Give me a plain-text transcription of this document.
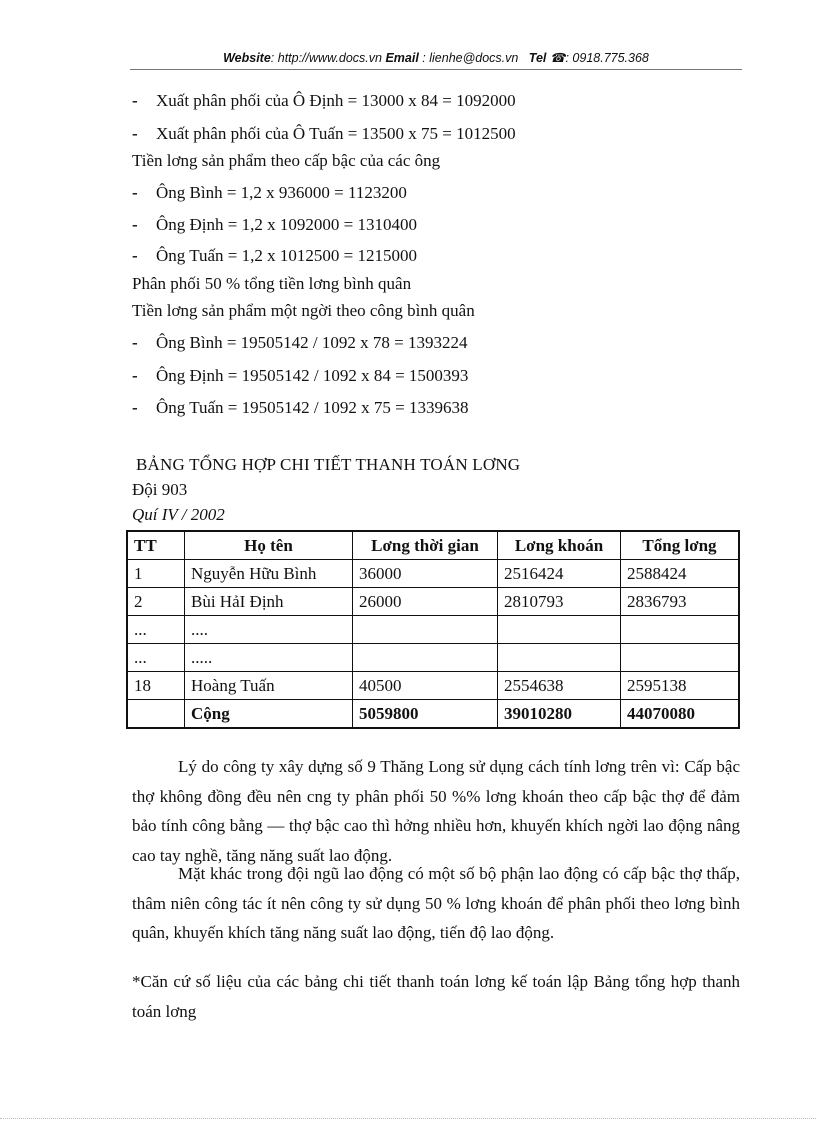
Website: http://www.docs.vn Email : lienhe@docs.vn Tel ☎: 0918.775.368
- Xuất phân phối của Ô Định = 13000 x 84 = 1092000
- Xuất phân phối của Ô Tuấn = 13500 x 75 = 1012500
Tiền lơng sản phẩm theo cấp bậc của các ông
- Ông Bình = 1,2 x 936000 = 1123200
- Ông Định = 1,2 x 1092000 = 1310400
- Ông Tuấn = 1,2 x 1012500 = 1215000
Phân phối 50 % tổng tiền lơng bình quân
Tiền lơng sản phẩm một ngời theo công bình quân
- Ông Bình = 19505142 / 1092 x 78 = 1393224
- Ông Định = 19505142 / 1092 x 84 = 1500393
- Ông Tuấn = 19505142 / 1092 x 75 = 1339638
BẢNG TỔNG HỢP CHI TIẾT THANH TOÁN LƠNG
Đội 903
Quí IV / 2002
TT	Họ tên	Lơng thời gian	Lơng khoán	Tổng lơng
1	Nguyễn Hữu Bình	36000	2516424	2588424
2	Bùi HảI Định	26000	2810793	2836793
...	....			
...	.....			
18	Hoàng Tuấn	40500	2554638	2595138
	Cộng	5059800	39010280	44070080
Lý do công ty xây dựng số 9 Thăng Long sử dụng cách tính lơng trên vì: Cấp bậc thợ không đồng đều nên cng ty phân phối 50 %% lơng khoán theo cấp bậc thợ để đảm bảo tính công bằng — thợ bậc cao thì hởng nhiều hơn, khuyến khích ngời lao động nâng cao tay nghề, tăng năng suất lao động.
Mặt khác trong đội ngũ lao động có một số bộ phận lao động có cấp bậc thợ thấp, thâm niên công tác ít nên công ty sử dụng 50 % lơng khoán để phân phối theo lơng bình quân, khuyến khích tăng năng suất lao động, tiến độ lao động.
*Căn cứ số liệu của các bảng chi tiết thanh toán lơng kế toán lập Bảng tổng hợp thanh toán lơng
